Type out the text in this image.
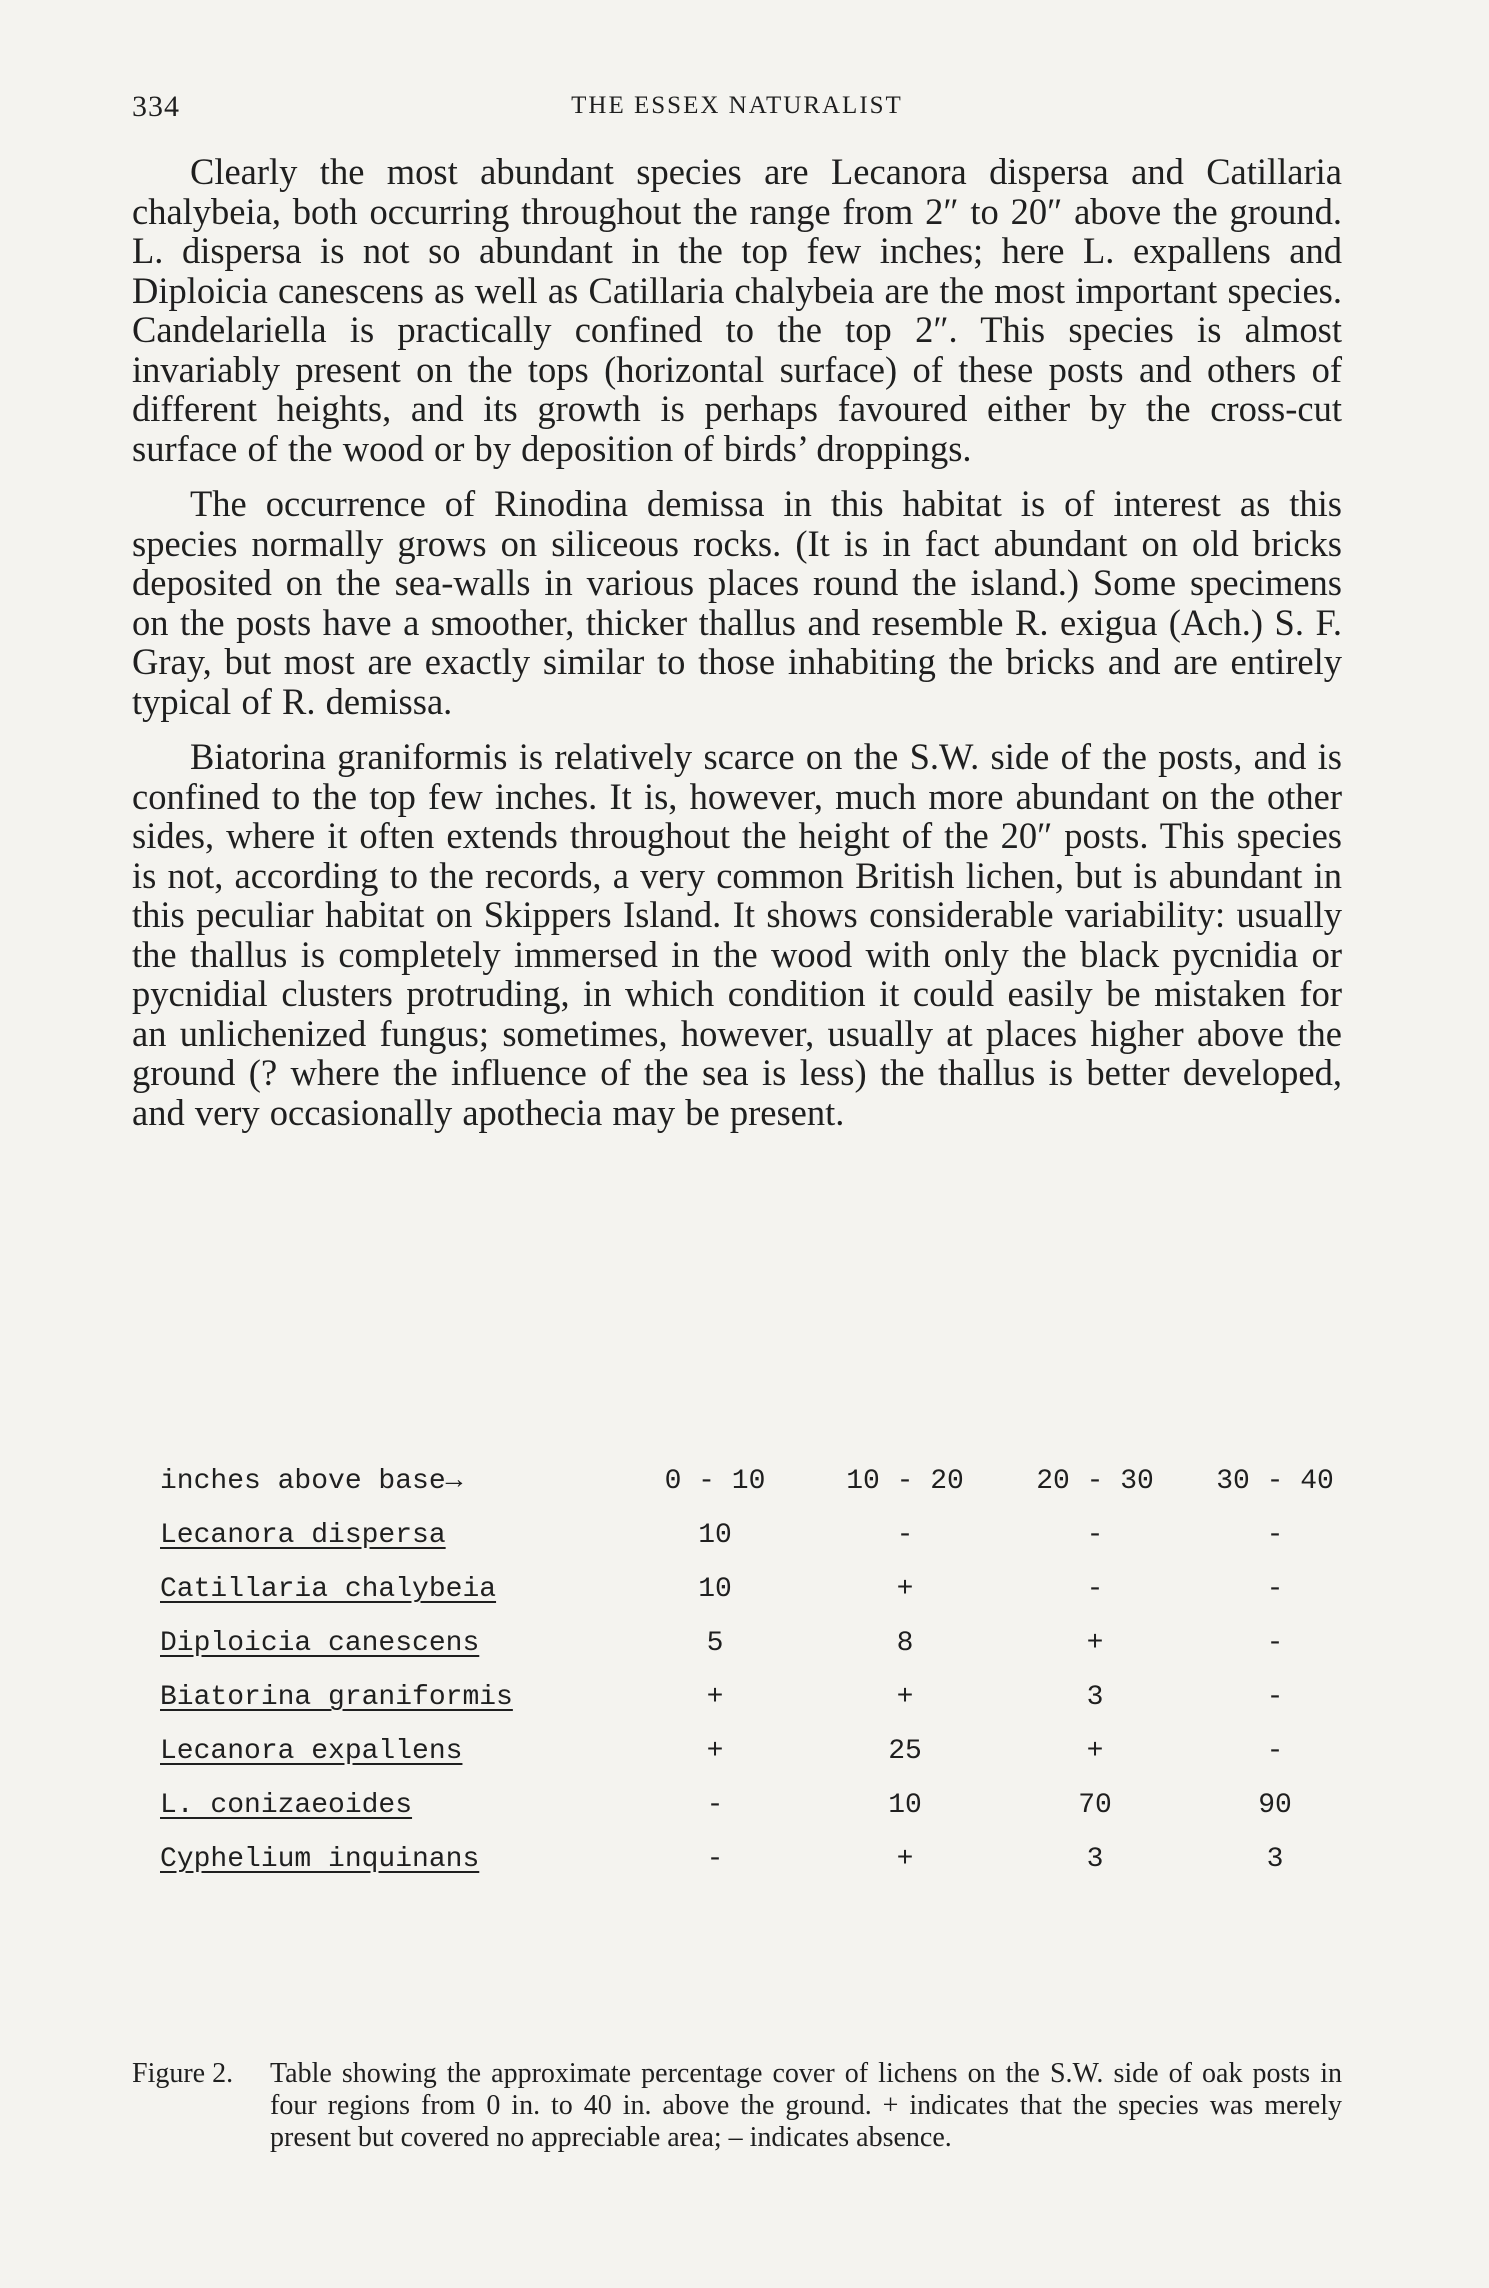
334	THE ESSEX NATURALIST

Clearly the most abundant species are Lecanora dispersa and Catillaria chalybeia, both occurring throughout the range from 2″ to 20″ above the ground. L. dispersa is not so abundant in the top few inches; here L. expallens and Diploicia canescens as well as Catillaria chalybeia are the most important species. Candelariella is practically confined to the top 2″. This species is almost invariably present on the tops (horizontal surface) of these posts and others of different heights, and its growth is perhaps favoured either by the cross-cut surface of the wood or by deposition of birds’ droppings.

The occurrence of Rinodina demissa in this habitat is of interest as this species normally grows on siliceous rocks. (It is in fact abundant on old bricks deposited on the sea-walls in various places round the island.) Some specimens on the posts have a smoother, thicker thallus and resemble R. exigua (Ach.) S. F. Gray, but most are exactly similar to those inhabiting the bricks and are entirely typical of R. demissa.

Biatorina graniformis is relatively scarce on the S.W. side of the posts, and is confined to the top few inches. It is, however, much more abundant on the other sides, where it often extends throughout the height of the 20″ posts. This species is not, according to the records, a very common British lichen, but is abundant in this peculiar habitat on Skippers Island. It shows considerable variability: usually the thallus is completely immersed in the wood with only the black pycnidia or pycnidial clusters protruding, in which condition it could easily be mistaken for an unlichenized fungus; sometimes, however, usually at places higher above the ground (? where the influence of the sea is less) the thallus is better developed, and very occasionally apothecia may be present.

inches above base→	0 - 10	10 - 20	20 - 30	30 - 40
Lecanora dispersa	10	-	-	-
Catillaria chalybeia	10	+	-	-
Diploicia canescens	5	8	+	-
Biatorina graniformis	+	+	3	-
Lecanora expallens	+	25	+	-
L. conizaeoides	-	10	70	90
Cyphelium inquinans	-	+	3	3
Figure 2.	Table showing the approximate percentage cover of lichens on the S.W. side of oak posts in four regions from 0 in. to 40 in. above the ground. + indicates that the species was merely present but covered no appreciable area; – indicates absence.
